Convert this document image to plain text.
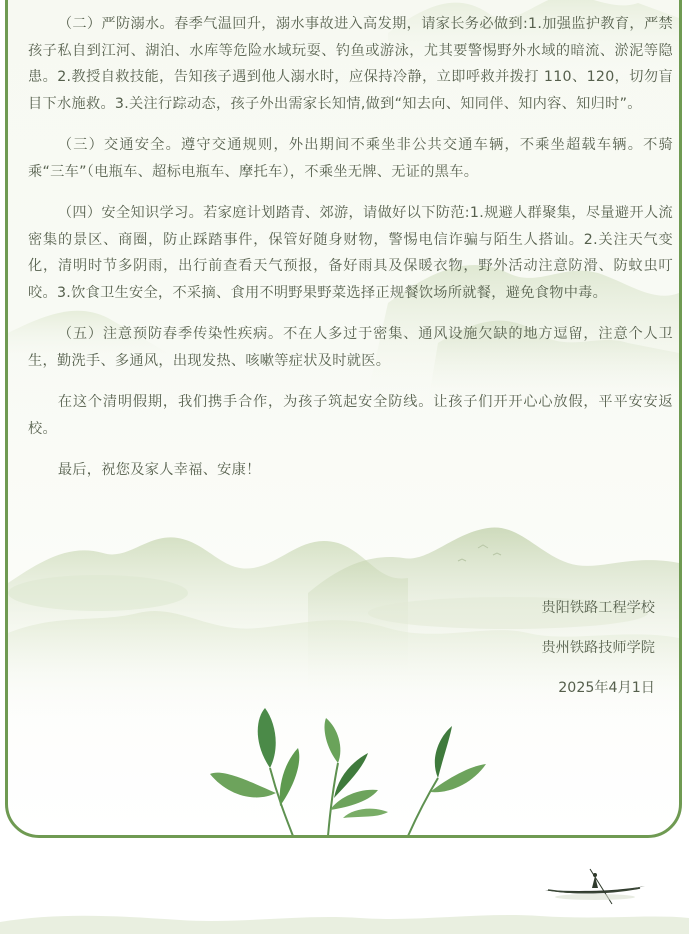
（二）严防溺水。春季气温回升，溺水事故进入高发期，请家长务必做到:1.加强监护教育，严禁孩子私自到江河、湖泊、水库等危险水域玩耍、钓鱼或游泳，尤其要警惕野外水域的暗流、淤泥等隐患。2.教授自救技能，告知孩子遇到他人溺水时，应保持冷静，立即呼救并拨打 110、120，切勿盲目下水施救。3.关注行踪动态，孩子外出需家长知情,做到“知去向、知同伴、知内容、知归时”。

（三）交通安全。遵守交通规则，外出期间不乘坐非公共交通车辆，不乘坐超载车辆。不骑乘“三车”（电瓶车、超标电瓶车、摩托车），不乘坐无牌、无证的黑车。

（四）安全知识学习。若家庭计划踏青、郊游，请做好以下防范:1.规避人群聚集，尽量避开人流密集的景区、商圈，防止踩踏事件，保管好随身财物，警惕电信诈骗与陌生人搭讪。2.关注天气变化，清明时节多阴雨，出行前查看天气预报，备好雨具及保暖衣物，野外活动注意防滑、防蚊虫叮咬。3.饮食卫生安全，不采摘、食用不明野果野菜选择正规餐饮场所就餐，避免食物中毒。

（五）注意预防春季传染性疾病。不在人多过于密集、通风设施欠缺的地方逗留，注意个人卫生，勤洗手、多通风，出现发热、咳嗽等症状及时就医。

在这个清明假期，我们携手合作，为孩子筑起安全防线。让孩子们开开心心放假，平平安安返校。

最后，祝您及家人幸福、安康！

贵阳铁路工程学校
贵州铁路技师学院
2025年4月1日
